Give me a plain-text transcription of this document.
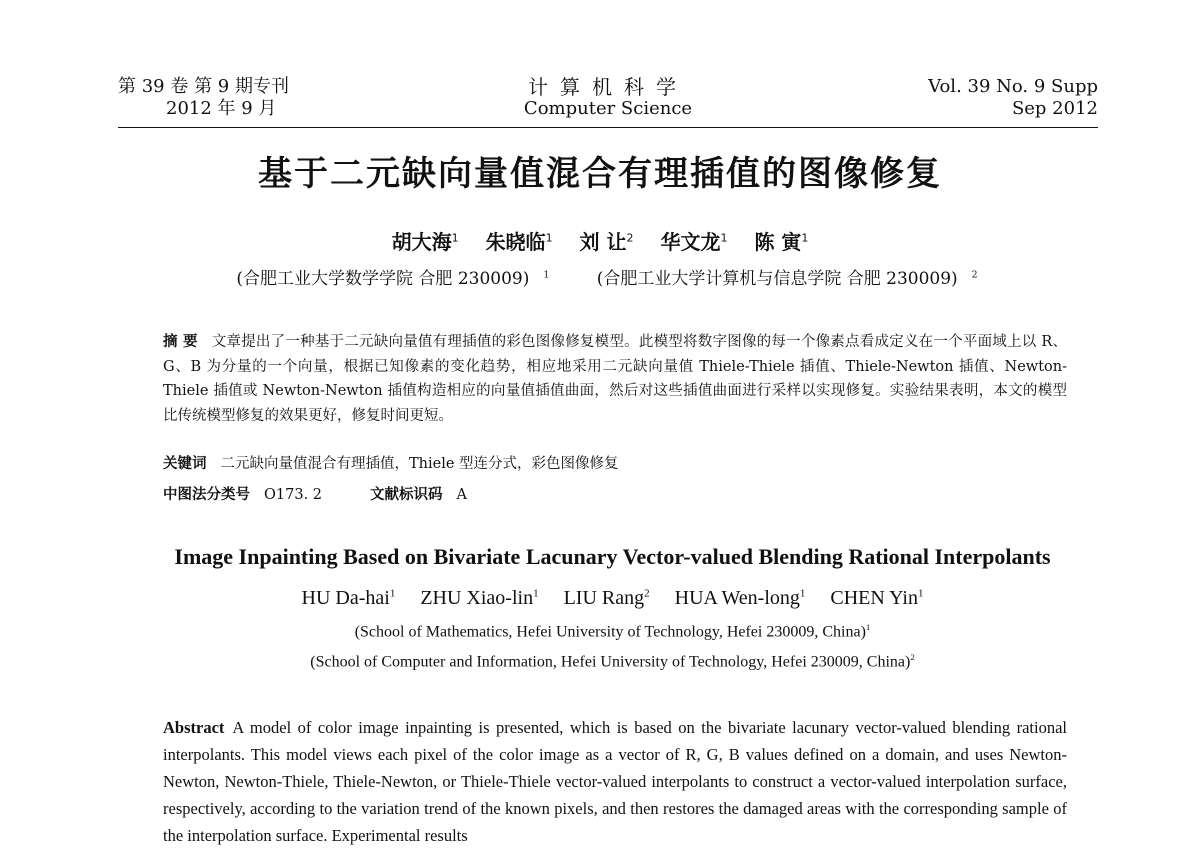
第 39 卷 第 9 期专刊
2012 年 9 月
计算机科学
Computer Science
Vol. 39 No. 9 Supp
Sep 2012
基于二元缺向量值混合有理插值的图像修复
胡大海$^1$ 朱晓临$^1$ 刘 让$^2$ 华文龙$^1$ 陈 寅$^1$
(合肥工业大学数学学院 合肥 230009) $^1$	(合肥工业大学计算机与信息学院 合肥 230009) $^2$
摘 要 文章提出了一种基于二元缺向量值有理插值的彩色图像修复模型。此模型将数字图像的每一个像素点看成定义在一个平面域上以 R、G、B 为分量的一个向量，根据已知像素的变化趋势，相应地采用二元缺向量值 Thiele-Thiele 插值、Thiele-Newton 插值、Newton-Thiele 插值或 Newton-Newton 插值构造相应的向量值插值曲面，然后对这些插值曲面进行采样以实现修复。实验结果表明，本文的模型比传统模型修复的效果更好，修复时间更短。
关键词 二元缺向量值混合有理插值，Thiele 型连分式，彩色图像修复
中图法分类号 O173. 2	文献标识码 A
Image Inpainting Based on Bivariate Lacunary Vector-valued Blending Rational Interpolants
HU Da-hai$^1$ ZHU Xiao-lin$^1$ LIU Rang$^2$ HUA Wen-long$^1$ CHEN Yin$^1$
(School of Mathematics, Hefei University of Technology, Hefei 230009, China)$^1$
(School of Computer and Information, Hefei University of Technology, Hefei 230009, China)$^2$
Abstract A model of color image inpainting is presented, which is based on the bivariate lacunary vector-valued blending rational interpolants. This model views each pixel of the color image as a vector of R, G, B values defined on a domain, and uses Newton-Newton, Newton-Thiele, Thiele-Newton, or Thiele-Thiele vector-valued interpolants to construct a vector-valued interpolation surface, respectively, according to the variation trend of the known pixels, and then restores the damaged areas with the corresponding sample of the interpolation surface. Experimental results
